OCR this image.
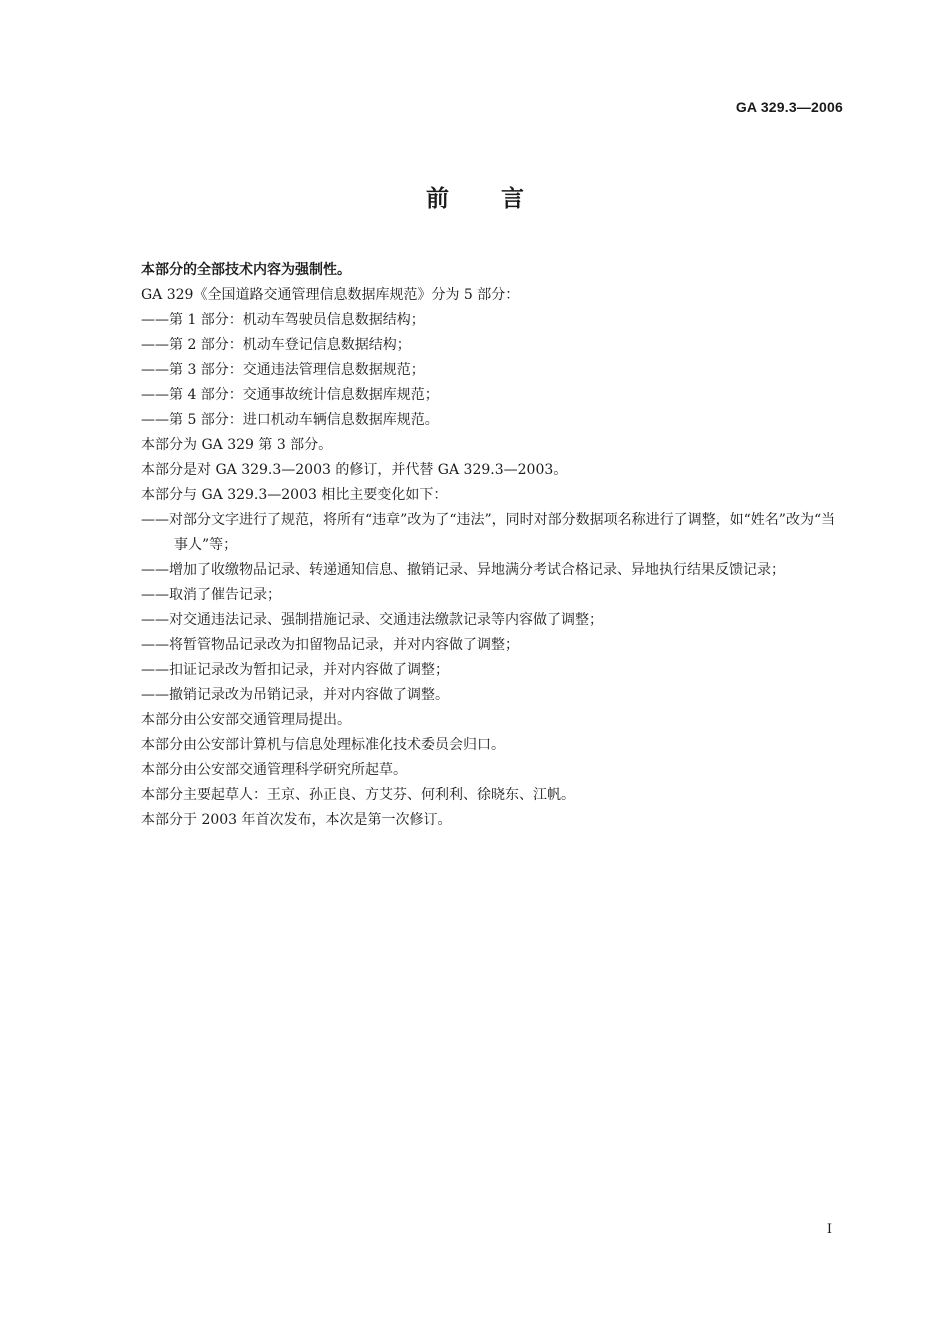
GA 329.3—2006
前言

本部分的全部技术内容为强制性。

GA 329《全国道路交通管理信息数据库规范》分为 5 部分：

——第 1 部分：机动车驾驶员信息数据结构；

——第 2 部分：机动车登记信息数据结构；

——第 3 部分：交通违法管理信息数据规范；

——第 4 部分：交通事故统计信息数据库规范；

——第 5 部分：进口机动车辆信息数据库规范。

本部分为 GA 329 第 3 部分。

本部分是对 GA 329.3—2003 的修订，并代替 GA 329.3—2003。

本部分与 GA 329.3—2003 相比主要变化如下：

——对部分文字进行了规范，将所有“违章”改为了“违法”，同时对部分数据项名称进行了调整，如“姓名”改为“当事人”等；

——增加了收缴物品记录、转递通知信息、撤销记录、异地满分考试合格记录、异地执行结果反馈记录；

——取消了催告记录；

——对交通违法记录、强制措施记录、交通违法缴款记录等内容做了调整；

——将暂管物品记录改为扣留物品记录，并对内容做了调整；

——扣证记录改为暂扣记录，并对内容做了调整；

——撤销记录改为吊销记录，并对内容做了调整。

本部分由公安部交通管理局提出。

本部分由公安部计算机与信息处理标准化技术委员会归口。

本部分由公安部交通管理科学研究所起草。

本部分主要起草人：王京、孙正良、方艾芬、何利利、徐晓东、江帆。

本部分于 2003 年首次发布，本次是第一次修订。

I
